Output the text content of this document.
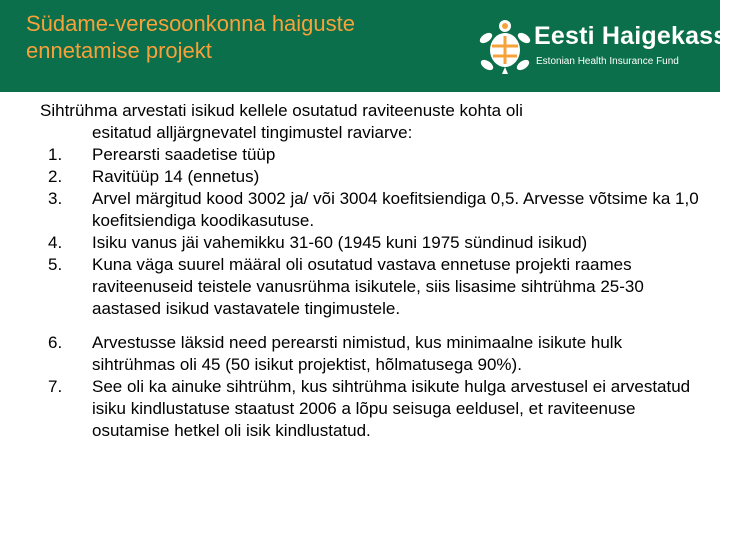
Südame-veresoonkonna haiguste
ennetamise projekt
Eesti Haigekassa
Estonian Health Insurance Fund
Sihtrühma arvestati isikud kellele osutatud raviteenuste kohta oli
esitatud alljärgnevatel tingimustel raviarve:
1. Perearsti saadetise tüüp
2. Ravitüüp 14 (ennetus)
3. Arvel märgitud kood 3002 ja/ või 3004 koefitsiendiga 0,5. Arvesse võtsime ka 1,0 koefitsiendiga koodikasutuse.
4. Isiku vanus jäi vahemikku 31-60 (1945 kuni 1975 sündinud isikud)
5. Kuna väga suurel määral oli osutatud vastava ennetuse projekti raames raviteenuseid teistele vanusrühma isikutele, siis lisasime sihtrühma 25-30 aastased isikud vastavatele tingimustele.
6. Arvestusse läksid need perearsti nimistud, kus minimaalne isikute hulk sihtrühmas oli 45 (50 isikut projektist, hõlmatusega 90%).
7. See oli ka ainuke sihtrühm, kus sihtrühma isikute hulga arvestusel ei arvestatud isiku kindlustatuse staatust 2006 a lõpu seisuga eeldusel, et raviteenuse osutamise hetkel oli isik kindlustatud.
